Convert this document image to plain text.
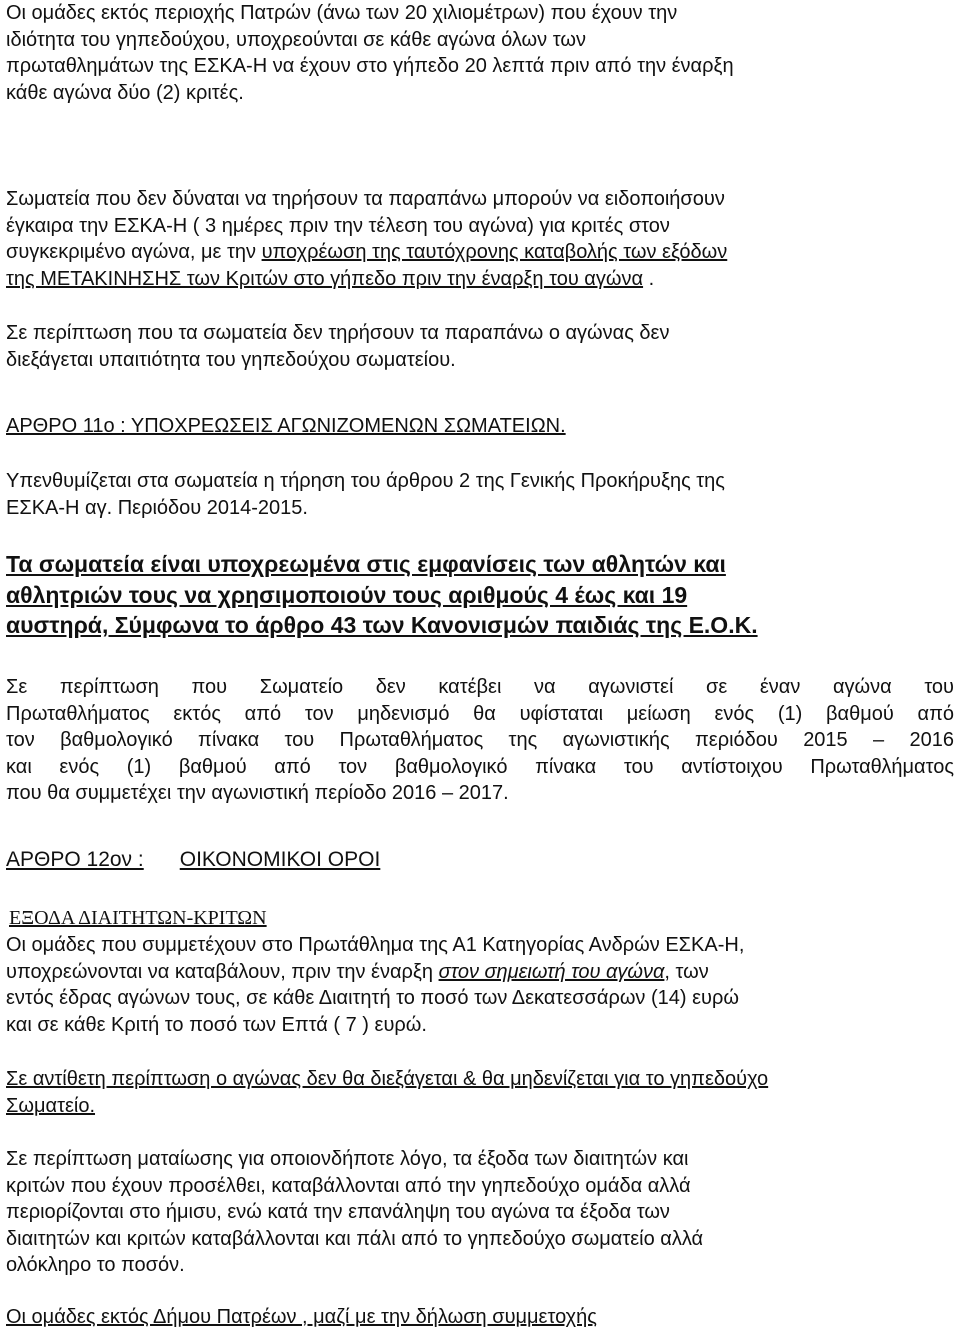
Οι ομάδες εκτός περιοχής Πατρών (άνω των 20 χιλιομέτρων) που έχουν την
ιδιότητα του γηπεδούχου, υποχρεούνται σε κάθε αγώνα όλων των
πρωταθλημάτων της ΕΣΚΑ-Η να έχουν στο γήπεδο 20 λεπτά πριν από την έναρξη
κάθε αγώνα δύο (2) κριτές.
Σωματεία που δεν δύναται να τηρήσουν τα παραπάνω μπορούν να ειδοποιήσουν
έγκαιρα την ΕΣΚΑ-Η ( 3 ημέρες πριν την τέλεση του αγώνα) για κριτές στον
συγκεκριμένο αγώνα, με την υποχρέωση της ταυτόχρονης καταβολής των εξόδων
της ΜΕΤΑΚΙΝΗΣΗΣ των Κριτών στο γήπεδο πριν την έναρξη του αγώνα .
Σε περίπτωση που τα σωματεία δεν τηρήσουν τα παραπάνω ο αγώνας δεν
διεξάγεται υπαιτιότητα του γηπεδούχου σωματείου.
ΑΡΘΡΟ 11ο : ΥΠΟΧΡΕΩΣΕΙΣ ΑΓΩΝΙΖΟΜΕΝΩΝ ΣΩΜΑΤΕΙΩΝ.
Υπενθυμίζεται στα σωματεία η τήρηση του άρθρου 2 της Γενικής Προκήρυξης της
ΕΣΚΑ-Η αγ. Περιόδου 2014-2015.
Τα σωματεία είναι υποχρεωμένα στις εμφανίσεις των αθλητών και
αθλητριών τους να χρησιμοποιούν τους αριθμούς 4 έως και 19
αυστηρά, Σύμφωνα το άρθρο 43 των Κανονισμών παιδιάς της Ε.Ο.Κ.
Σε περίπτωση που Σωματείο δεν κατέβει να αγωνιστεί σε έναν αγώνα του
Πρωταθλήματος εκτός από τον μηδενισμό θα υφίσταται μείωση ενός (1) βαθμού από
τον βαθμολογικό πίνακα του Πρωταθλήματος της αγωνιστικής περιόδου 2015 – 2016
και ενός (1) βαθμού από τον βαθμολογικό πίνακα του αντίστοιχου Πρωταθλήματος
που θα συμμετέχει την αγωνιστική περίοδο 2016 – 2017.
ΑΡΘΡΟ 12ον : ΟΙΚΟΝΟΜΙΚΟΙ ΟΡΟΙ
ΕΞΟΔΑ ΔΙΑΙΤΗΤΩΝ-ΚΡΙΤΩΝ
Οι ομάδες που συμμετέχουν στο Πρωτάθλημα της Α1 Κατηγορίας Ανδρών ΕΣΚΑ-Η,
υποχρεώνονται να καταβάλουν, πριν την έναρξη στον σημειωτή του αγώνα, των
εντός έδρας αγώνων τους, σε κάθε Διαιτητή το ποσό των Δεκατεσσάρων (14) ευρώ
και σε κάθε Κριτή το ποσό των Επτά ( 7 ) ευρώ.
Σε αντίθετη περίπτωση ο αγώνας δεν θα διεξάγεται & θα μηδενίζεται για το γηπεδούχο
Σωματείο.
Σε περίπτωση ματαίωσης για οποιονδήποτε λόγο, τα έξοδα των διαιτητών και
κριτών που έχουν προσέλθει, καταβάλλονται από την γηπεδούχο ομάδα αλλά
περιορίζονται στο ήμισυ, ενώ κατά την επανάληψη του αγώνα τα έξοδα των
διαιτητών και κριτών καταβάλλονται και πάλι από το γηπεδούχο σωματείο αλλά
ολόκληρο το ποσόν.
Οι ομάδες εκτός Δήμου Πατρέων , μαζί με την δήλωση συμμετοχής
